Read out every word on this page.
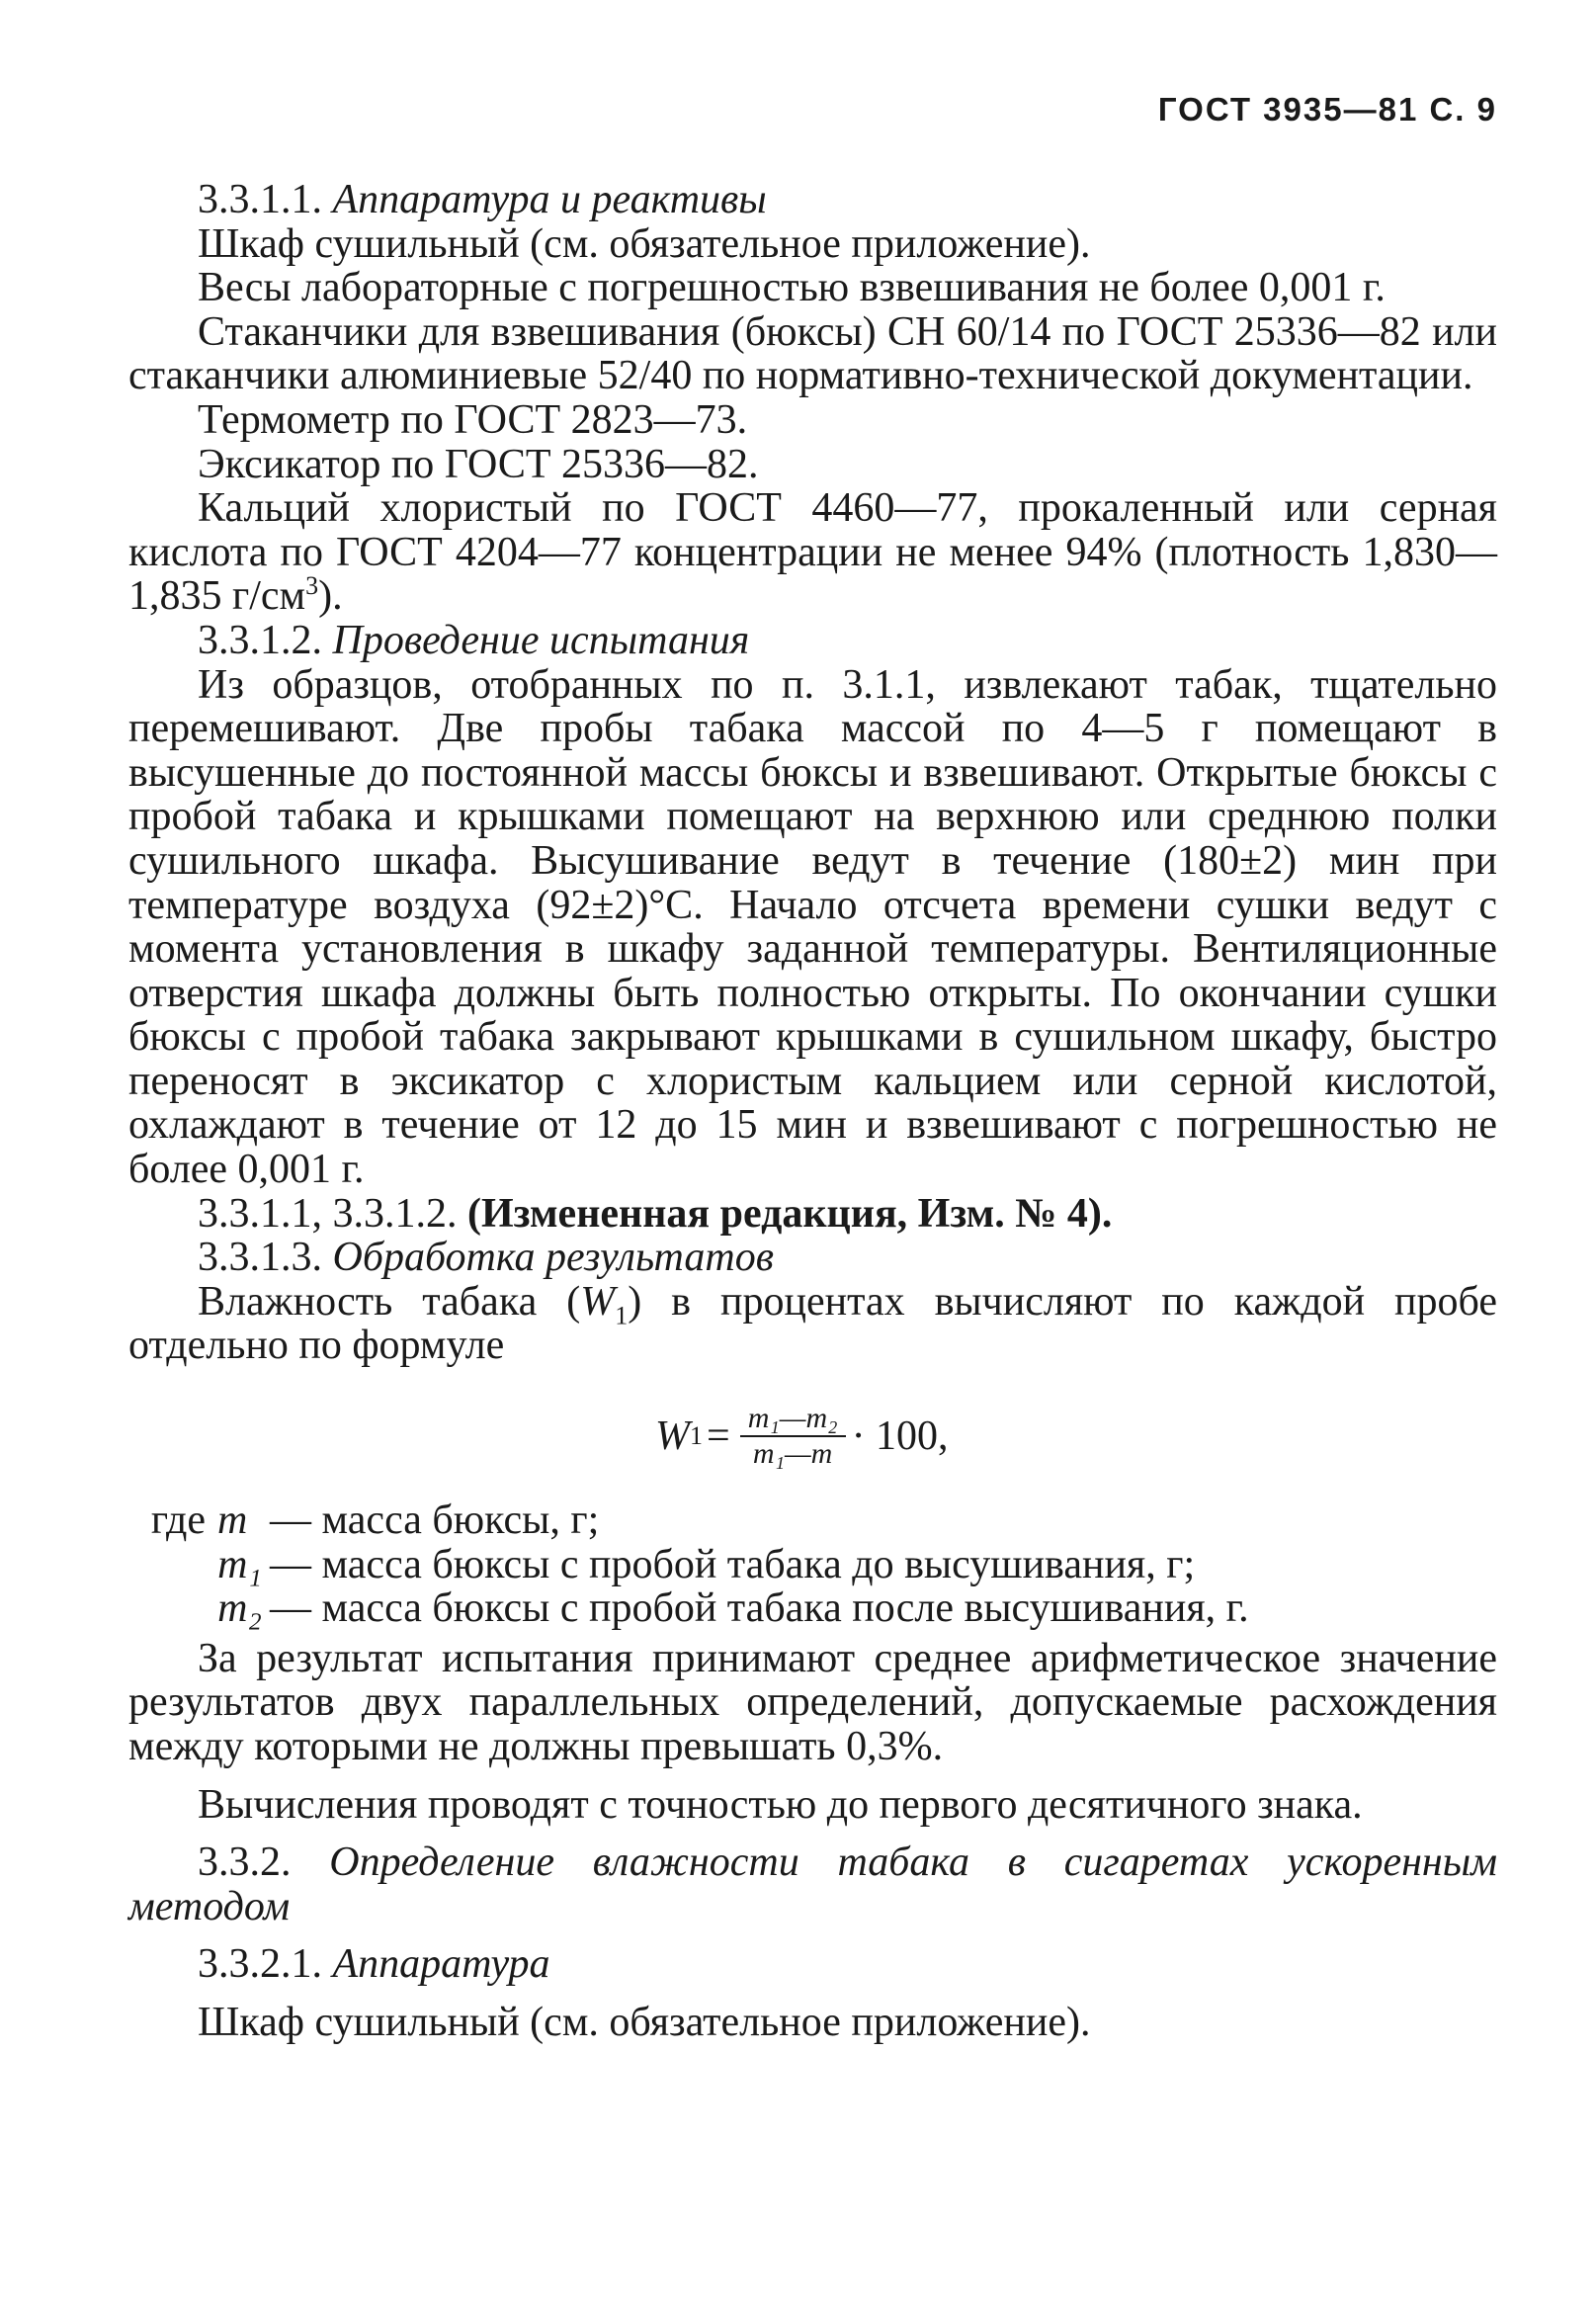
ГОСТ 3935—81 С. 9

3.3.1.1. Аппаратура и реактивы

Шкаф сушильный (см. обязательное приложение).

Весы лабораторные с погрешностью взвешивания не более 0,001 г.

Стаканчики для взвешивания (бюксы) СН 60/14 по ГОСТ 25336—82 или стаканчики алюминиевые 52/40 по нормативно-технической документации.

Термометр по ГОСТ 2823—73.

Эксикатор по ГОСТ 25336—82.

Кальций хлористый по ГОСТ 4460—77, прокаленный или серная кислота по ГОСТ 4204—77 концентрации не менее 94% (плотность 1,830—1,835 $г/см^3$).

3.3.1.2. Проведение испытания

Из образцов, отобранных по п. 3.1.1, извлекают табак, тщательно перемешивают. Две пробы табака массой по 4—5 г помещают в высушенные до постоянной массы бюксы и взвешивают. Открытые бюксы с пробой табака и крышками помещают на верхнюю или среднюю полки сушильного шкафа. Высушивание ведут в течение (180±2) мин при температуре воздуха (92±2)°С. Начало отсчета времени сушки ведут с момента установления в шкафу заданной температуры. Вентиляционные отверстия шкафа должны быть полностью открыты. По окончании сушки бюксы с пробой табака закрывают крышками в сушильном шкафу, быстро переносят в эксикатор с хлористым кальцием или серной кислотой, охлаждают в течение от 12 до 15 мин и взвешивают с погрешностью не более 0,001 г.

3.3.1.1, 3.3.1.2. (Измененная редакция, Изм. № 4).

3.3.1.3. Обработка результатов

Влажность табака $(W_1)$ в процентах вычисляют по каждой пробе отдельно по формуле

W $1 = \frac{\text{m₁—m₂}}{\text{m₁—m}} \cdot 100$,
где m — масса бюксы, г;
m₁ — масса бюксы с пробой табака до высушивания, г;
m₂ — масса бюксы с пробой табака после высушивания, г.

За результат испытания принимают среднее арифметическое значение результатов двух параллельных определений, допускаемые расхождения между которыми не должны превышать 0,3%.

Вычисления проводят с точностью до первого десятичного знака.

3.3.2. Определение влажности табака в сигаретах ускоренным методом

3.3.2.1. Аппаратура

Шкаф сушильный (см. обязательное приложение).
